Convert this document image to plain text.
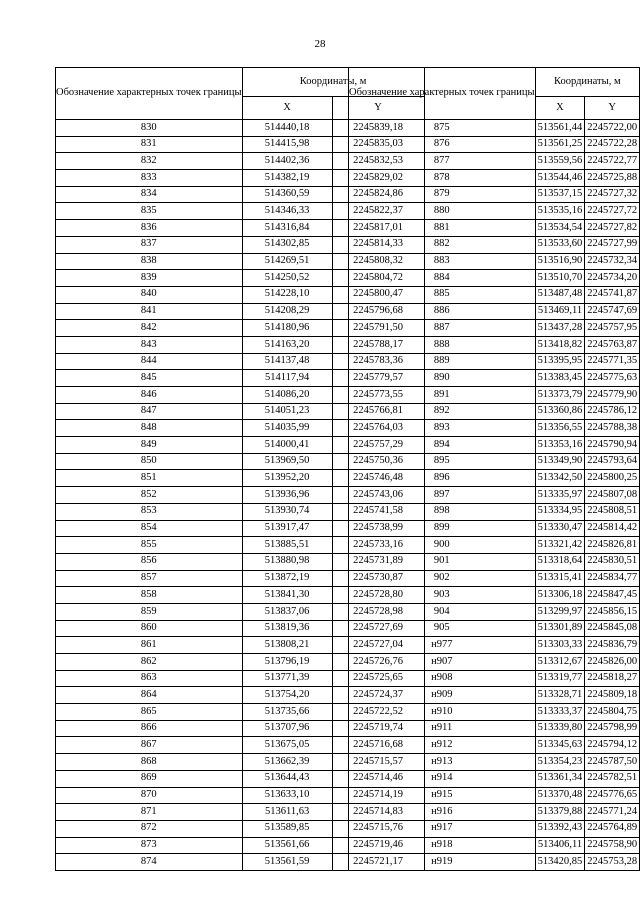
28
Обозначение характерных точек границы	Координаты, м	
	X	Y
830	514440,18	2245839,18
831	514415,98	2245835,03
832	514402,36	2245832,53
833	514382,19	2245829,02
834	514360,59	2245824,86
835	514346,33	2245822,37
836	514316,84	2245817,01
837	514302,85	2245814,33
838	514269,51	2245808,32
839	514250,52	2245804,72
840	514228,10	2245800,47
841	514208,29	2245796,68
842	514180,96	2245791,50
843	514163,20	2245788,17
844	514137,48	2245783,36
845	514117,94	2245779,57
846	514086,20	2245773,55
847	514051,23	2245766,81
848	514035,99	2245764,03
849	514000,41	2245757,29
850	513969,50	2245750,36
851	513952,20	2245746,48
852	513936,96	2245743,06
853	513930,74	2245741,58
854	513917,47	2245738,99
855	513885,51	2245733,16
856	513880,98	2245731,89
857	513872,19	2245730,87
858	513841,30	2245728,80
859	513837,06	2245728,98
860	513819,36	2245727,69
861	513808,21	2245727,04
862	513796,19	2245726,76
863	513771,39	2245725,65
864	513754,20	2245724,37
865	513735,66	2245722,52
866	513707,96	2245719,74
867	513675,05	2245716,68
868	513662,39	2245715,57
869	513644,43	2245714,46
870	513633,10	2245714,19
871	513611,63	2245714,83
872	513589,85	2245715,76
873	513561,66	2245719,46
874	513561,59	2245721,17
Обозначение характерных точек границы	Координаты, м	
	X	Y
875	513561,44	2245722,00
876	513561,25	2245722,28
877	513559,56	2245722,77
878	513544,46	2245725,88
879	513537,15	2245727,32
880	513535,16	2245727,72
881	513534,54	2245727,82
882	513533,60	2245727,99
883	513516,90	2245732,34
884	513510,70	2245734,20
885	513487,48	2245741,87
886	513469,11	2245747,69
887	513437,28	2245757,95
888	513418,82	2245763,87
889	513395,95	2245771,35
890	513383,45	2245775,63
891	513373,79	2245779,90
892	513360,86	2245786,12
893	513356,55	2245788,38
894	513353,16	2245790,94
895	513349,90	2245793,64
896	513342,50	2245800,25
897	513335,97	2245807,08
898	513334,95	2245808,51
899	513330,47	2245814,42
900	513321,42	2245826,81
901	513318,64	2245830,51
902	513315,41	2245834,77
903	513306,18	2245847,45
904	513299,97	2245856,15
905	513301,89	2245845,08
н977	513303,33	2245836,79
н907	513312,67	2245826,00
н908	513319,77	2245818,27
н909	513328,71	2245809,18
н910	513333,37	2245804,75
н911	513339,80	2245798,99
н912	513345,63	2245794,12
н913	513354,23	2245787,50
н914	513361,34	2245782,51
н915	513370,48	2245776,65
н916	513379,88	2245771,24
н917	513392,43	2245764,89
н918	513406,11	2245758,90
н919	513420,85	2245753,28
